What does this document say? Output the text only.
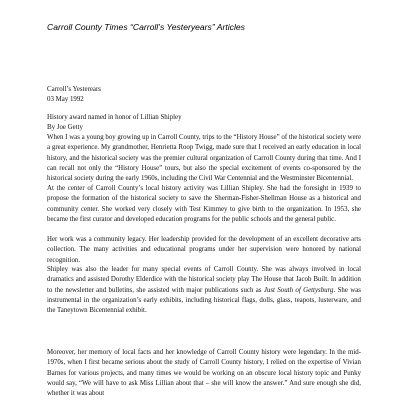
Carroll County Times “Carroll’s Yesteryears” Articles
Carroll’s Yesterears
03 May 1992
History award named in honor of Lillian Shipley
By Joe Getty

When I was a young boy growing up in Carroll County, trips to the “History House” of the historical society were a great experience. My grandmother, Henrietta Roop Twigg, made sure that I received an early education in local history, and the historical society was the premier cultural organization of Carroll County during that time. And I can recall not only the “History House” tours, but also the special excitement of events co-sponsored by the historical society during the early 1960s, including the Civil War Centennial and the Westminster Bicentennial.

At the center of Carroll County’s local history activity was Lillian Shipley. She had the foresight in 1939 to propose the formation of the historical society to save the Sherman-Fisher-Shellman House as a historical and community center. She worked very closely with Test Kimmey to give birth to the organization. In 1953, she became the first curator and developed education programs for the public schools and the general public.

Her work was a community legacy. Her leadership provided for the development of an excellent decorative arts collection. The many activities and educational programs under her supervision were honored by national recognition.

Shipley was also the leader for many special events of Carroll County. She was always involved in local dramatics and assisted Dorothy Elderdice with the historical society play The House that Jacob Built. In addition to the newsletter and bulletins, she assisted with major publications such as Just South of Gettysburg. She was instrumental in the organization’s early exhibits, including historical flags, dolls, glass, teapots, lusterware, and the Taneytown Bicentennial exhibit.

Moreover, her memory of local facts and her knowledge of Carroll County history were legendary. In the mid-1970s, when I first became serious about the study of Carroll County history, I relied on the expertise of Vivian Barnes for various projects, and many times we would be working on an obscure local history topic and Punky would say, “We will have to ask Miss Lillian about that – she will know the answer.” And sure enough she did, whether it was about
